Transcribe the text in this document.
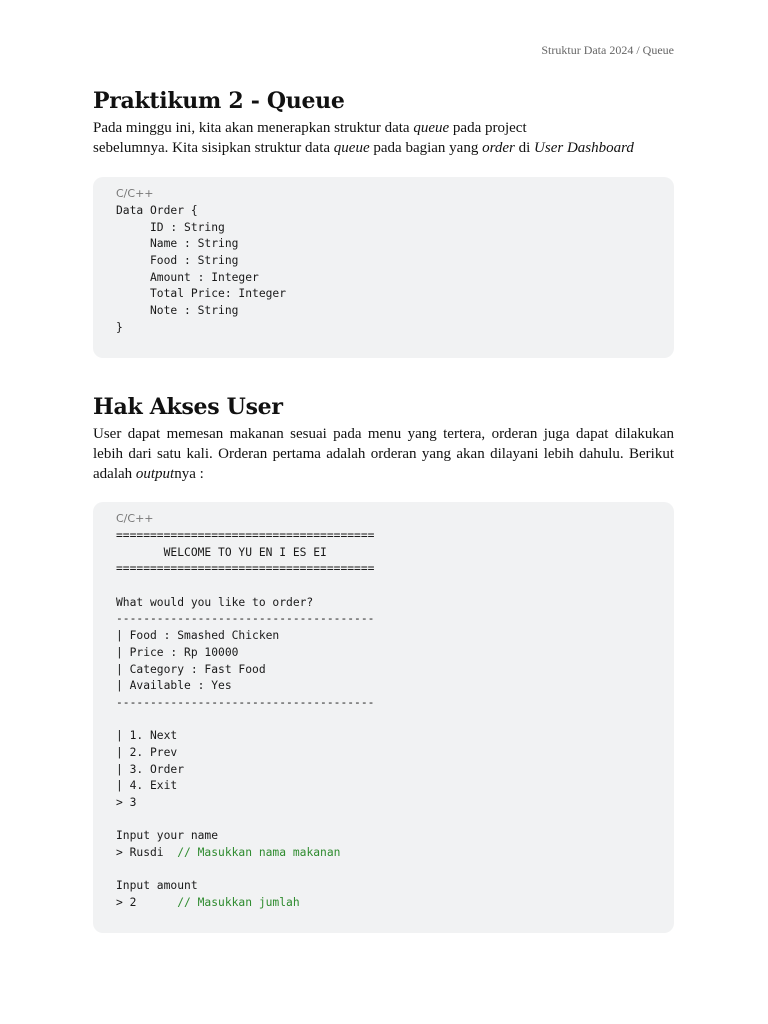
Struktur Data 2024 / Queue
Praktikum 2 - Queue

Pada minggu ini, kita akan menerapkan struktur data queue pada project
sebelumnya. Kita sisipkan struktur data queue pada bagian yang order di User Dashboard

C/C++
Data Order {
ID : String
Name : String
Food : String
Amount : Integer
Total Price: Integer
Note : String
}
Hak Akses User

User dapat memesan makanan sesuai pada menu yang tertera, orderan juga dapat dilakukan lebih dari satu kali. Orderan pertama adalah orderan yang akan dilayani lebih dahulu. Berikut adalah outputnya :

C/C++
======================================
WELCOME TO YU EN I ES EI
======================================
What would you like to order?
--------------------------------------
| Food : Smashed Chicken
| Price : Rp 10000
| Category : Fast Food
| Available : Yes
--------------------------------------
| 1. Next
| 2. Prev
| 3. Order
| 4. Exit
> 3
Input your name
> Rusdi  // Masukkan nama makanan
Input amount
> 2      // Masukkan jumlah
